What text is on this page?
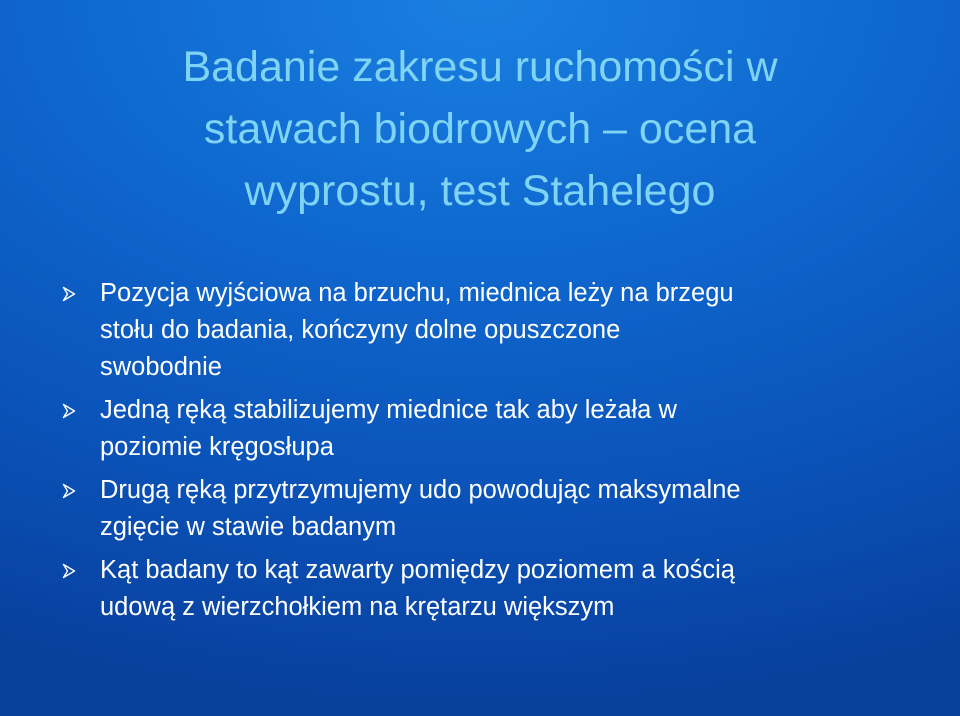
Badanie zakresu ruchomości w
stawach biodrowych – ocena
wyprostu, test Stahelego
Pozycja wyjściowa na brzuchu, miednica leży na brzegu
stołu do badania, kończyny dolne opuszczone
swobodnie
Jedną ręką stabilizujemy miednice tak aby leżała w
poziomie kręgosłupa
Drugą ręką przytrzymujemy udo powodując maksymalne
zgięcie w stawie badanym
Kąt badany to kąt zawarty pomiędzy poziomem a kością
udową z wierzchołkiem na krętarzu większym
